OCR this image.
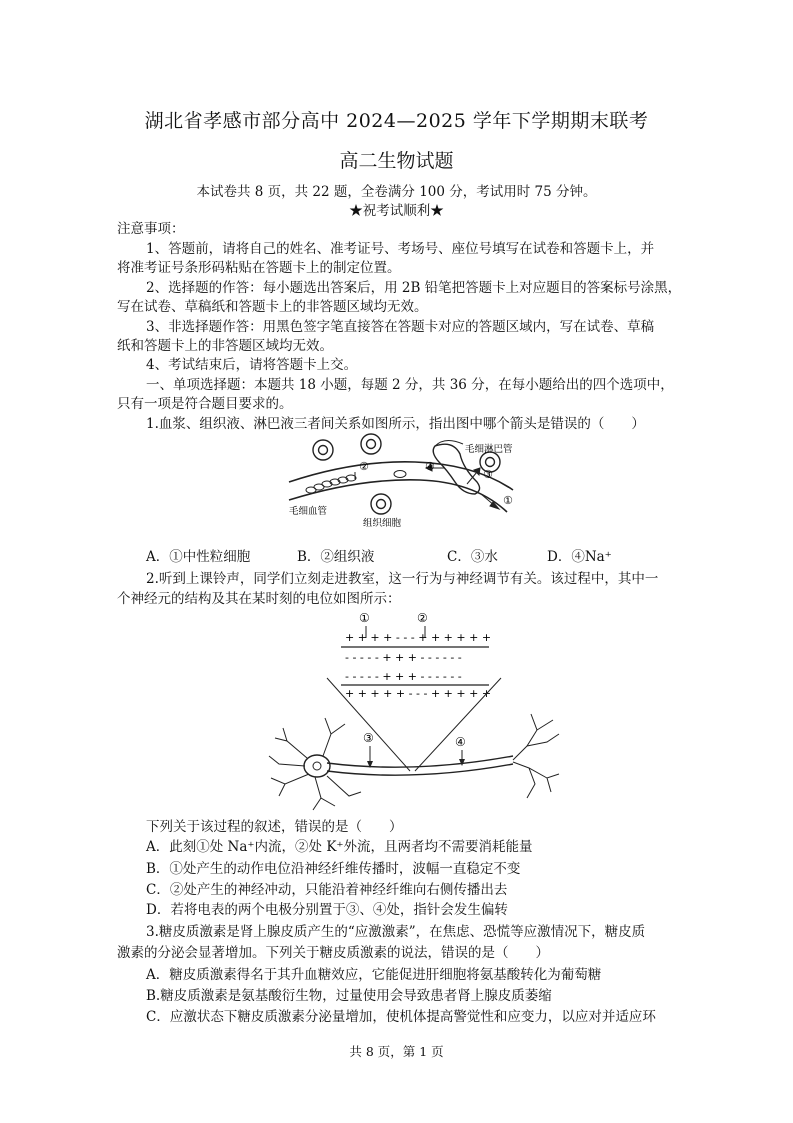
湖北省孝感市部分高中 2024—2025 学年下学期期末联考
高二生物试题
本试卷共 8 页，共 22 题，全卷满分 100 分，考试用时 75 分钟。
★祝考试顺利★
注意事项：
1、答题前，请将自己的姓名、准考证号、考场号、座位号填写在试卷和答题卡上，并
将准考证号条形码粘贴在答题卡上的制定位置。
2、选择题的作答：每小题选出答案后，用 2B 铅笔把答题卡上对应题目的答案标号涂黑，
写在试卷、草稿纸和答题卡上的非答题区域均无效。
3、非选择题作答：用黑色签字笔直接答在答题卡对应的答题区域内，写在试卷、草稿
纸和答题卡上的非答题区域均无效。
4、考试结束后，请将答题卡上交。
一、单项选择题：本题共 18 小题，每题 2 分，共 36 分，在每小题给出的四个选项中，
只有一项是符合题目要求的。
1.血浆、组织液、淋巴液三者间关系如图所示，指出图中哪个箭头是错误的（　　）
②	④
③
①
毛细淋巴管
毛细血管
组织细胞
A．①中性粒细胞	B．②组织液	C．③水	D．④Na⁺
2.听到上课铃声，同学们立刻走进教室，这一行为与神经调节有关。该过程中，其中一
个神经元的结构及其在某时刻的电位如图所示：
①	②
+ + + + - - - + + + + + +
- - - - - + + + - - - - - -
- - - - - + + + - - - - - -
+ + + + + - - - + + + + +
③	④
下列关于该过程的叙述，错误的是（　　）
A．此刻①处 Na⁺内流，②处 K⁺外流，且两者均不需要消耗能量
B．①处产生的动作电位沿神经纤维传播时，波幅一直稳定不变
C．②处产生的神经冲动，只能沿着神经纤维向右侧传播出去
D．若将电表的两个电极分别置于③、④处，指针会发生偏转
3.糖皮质激素是肾上腺皮质产生的“应激激素”，在焦虑、恐慌等应激情况下，糖皮质
激素的分泌会显著增加。下列关于糖皮质激素的说法，错误的是（　　）
A．糖皮质激素得名于其升血糖效应，它能促进肝细胞将氨基酸转化为葡萄糖
B.糖皮质激素是氨基酸衍生物，过量使用会导致患者肾上腺皮质萎缩
C．应激状态下糖皮质激素分泌量增加，使机体提高警觉性和应变力，以应对并适应环
共 8 页，第 1 页
